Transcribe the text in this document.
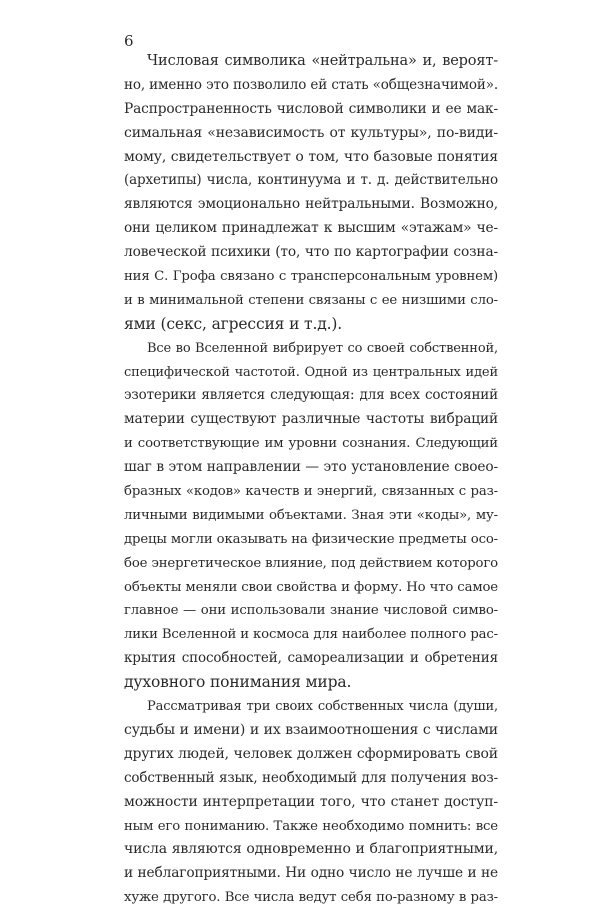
6
Числовая символика «нейтральна» и, вероят-
но, именно это позволило ей стать «общезначимой».
Распространенность числовой символики и ее мак-
симальная «независимость от культуры», по-види-
мому, свидетельствует о том, что базовые понятия
(архетипы) числа, континуума и т. д. действительно
являются эмоционально нейтральными. Возможно,
они целиком принадлежат к высшим «этажам» че-
ловеческой психики (то, что по картографии созна-
ния С. Грофа связано с трансперсональным уровнем)
и в минимальной степени связаны с ее низшими сло-
ями (секс, агрессия и т.д.).
Все во Вселенной вибрирует со своей собственной,
специфической частотой. Одной из центральных идей
эзотерики является следующая: для всех состояний
материи существуют различные частоты вибраций
и соответствующие им уровни сознания. Следующий
шаг в этом направлении — это установление своео-
бразных «кодов» качеств и энергий, связанных с раз-
личными видимыми объектами. Зная эти «коды», му-
дрецы могли оказывать на физические предметы осо-
бое энергетическое влияние, под действием которого
объекты меняли свои свойства и форму. Но что самое
главное — они использовали знание числовой симво-
лики Вселенной и космоса для наиболее полного рас-
крытия способностей, самореализации и обретения
духовного понимания мира.
Рассматривая три своих собственных числа (души,
судьбы и имени) и их взаимоотношения с числами
других людей, человек должен сформировать свой
собственный язык, необходимый для получения воз-
можности интерпретации того, что станет доступ-
ным его пониманию. Также необходимо помнить: все
числа являются одновременно и благоприятными,
и неблагоприятными. Ни одно число не лучше и не
хуже другого. Все числа ведут себя по-разному в раз-
